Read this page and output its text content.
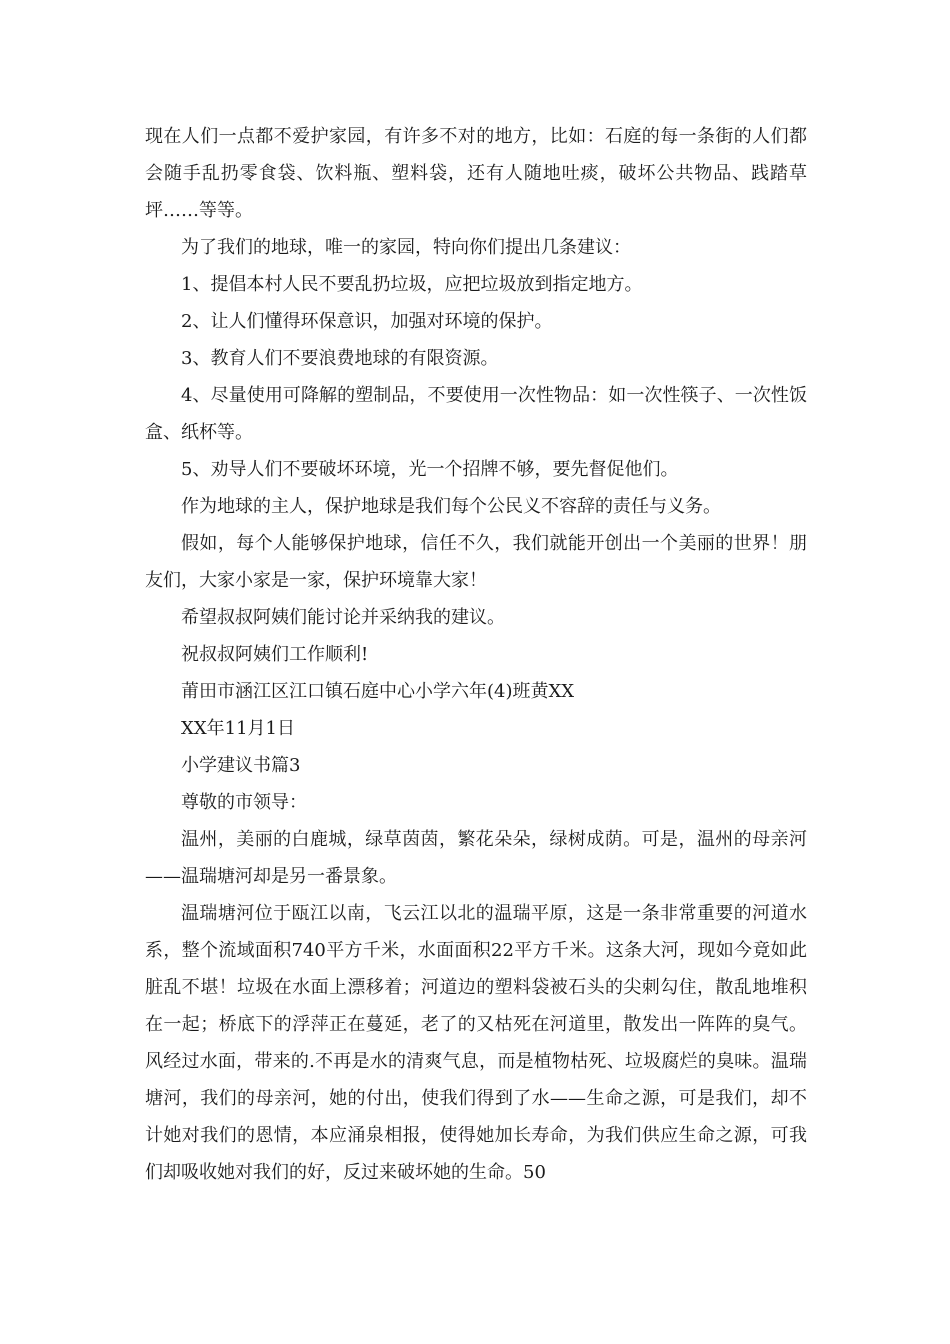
现在人们一点都不爱护家园，有许多不对的地方，比如：石庭的每一条街的人们都会随手乱扔零食袋、饮料瓶、塑料袋，还有人随地吐痰，破坏公共物品、践踏草坪……等等。

为了我们的地球，唯一的家园，特向你们提出几条建议：

1、提倡本村人民不要乱扔垃圾，应把垃圾放到指定地方。

2、让人们懂得环保意识，加强对环境的保护。

3、教育人们不要浪费地球的有限资源。

4、尽量使用可降解的塑制品，不要使用一次性物品：如一次性筷子、一次性饭盒、纸杯等。

5、劝导人们不要破坏环境，光一个招牌不够，要先督促他们。

作为地球的主人，保护地球是我们每个公民义不容辞的责任与义务。

假如，每个人能够保护地球，信任不久，我们就能开创出一个美丽的世界！朋友们，大家小家是一家，保护环境靠大家！

希望叔叔阿姨们能讨论并采纳我的建议。

祝叔叔阿姨们工作顺利!

莆田市涵江区江口镇石庭中心小学六年(4)班黄XX

XX年11月1日

小学建议书篇3

尊敬的市领导：

温州，美丽的白鹿城，绿草茵茵，繁花朵朵，绿树成荫。可是，温州的母亲河——温瑞塘河却是另一番景象。

温瑞塘河位于瓯江以南，飞云江以北的温瑞平原，这是一条非常重要的河道水系，整个流域面积740平方千米，水面面积22平方千米。这条大河，现如今竟如此脏乱不堪！垃圾在水面上漂移着；河道边的塑料袋被石头的尖刺勾住，散乱地堆积在一起；桥底下的浮萍正在蔓延，老了的又枯死在河道里，散发出一阵阵的臭气。风经过水面，带来的.不再是水的清爽气息，而是植物枯死、垃圾腐烂的臭味。温瑞塘河，我们的母亲河，她的付出，使我们得到了水——生命之源，可是我们，却不计她对我们的恩情，本应涌泉相报，使得她加长寿命，为我们供应生命之源，可我们却吸收她对我们的好，反过来破坏她的生命。50
